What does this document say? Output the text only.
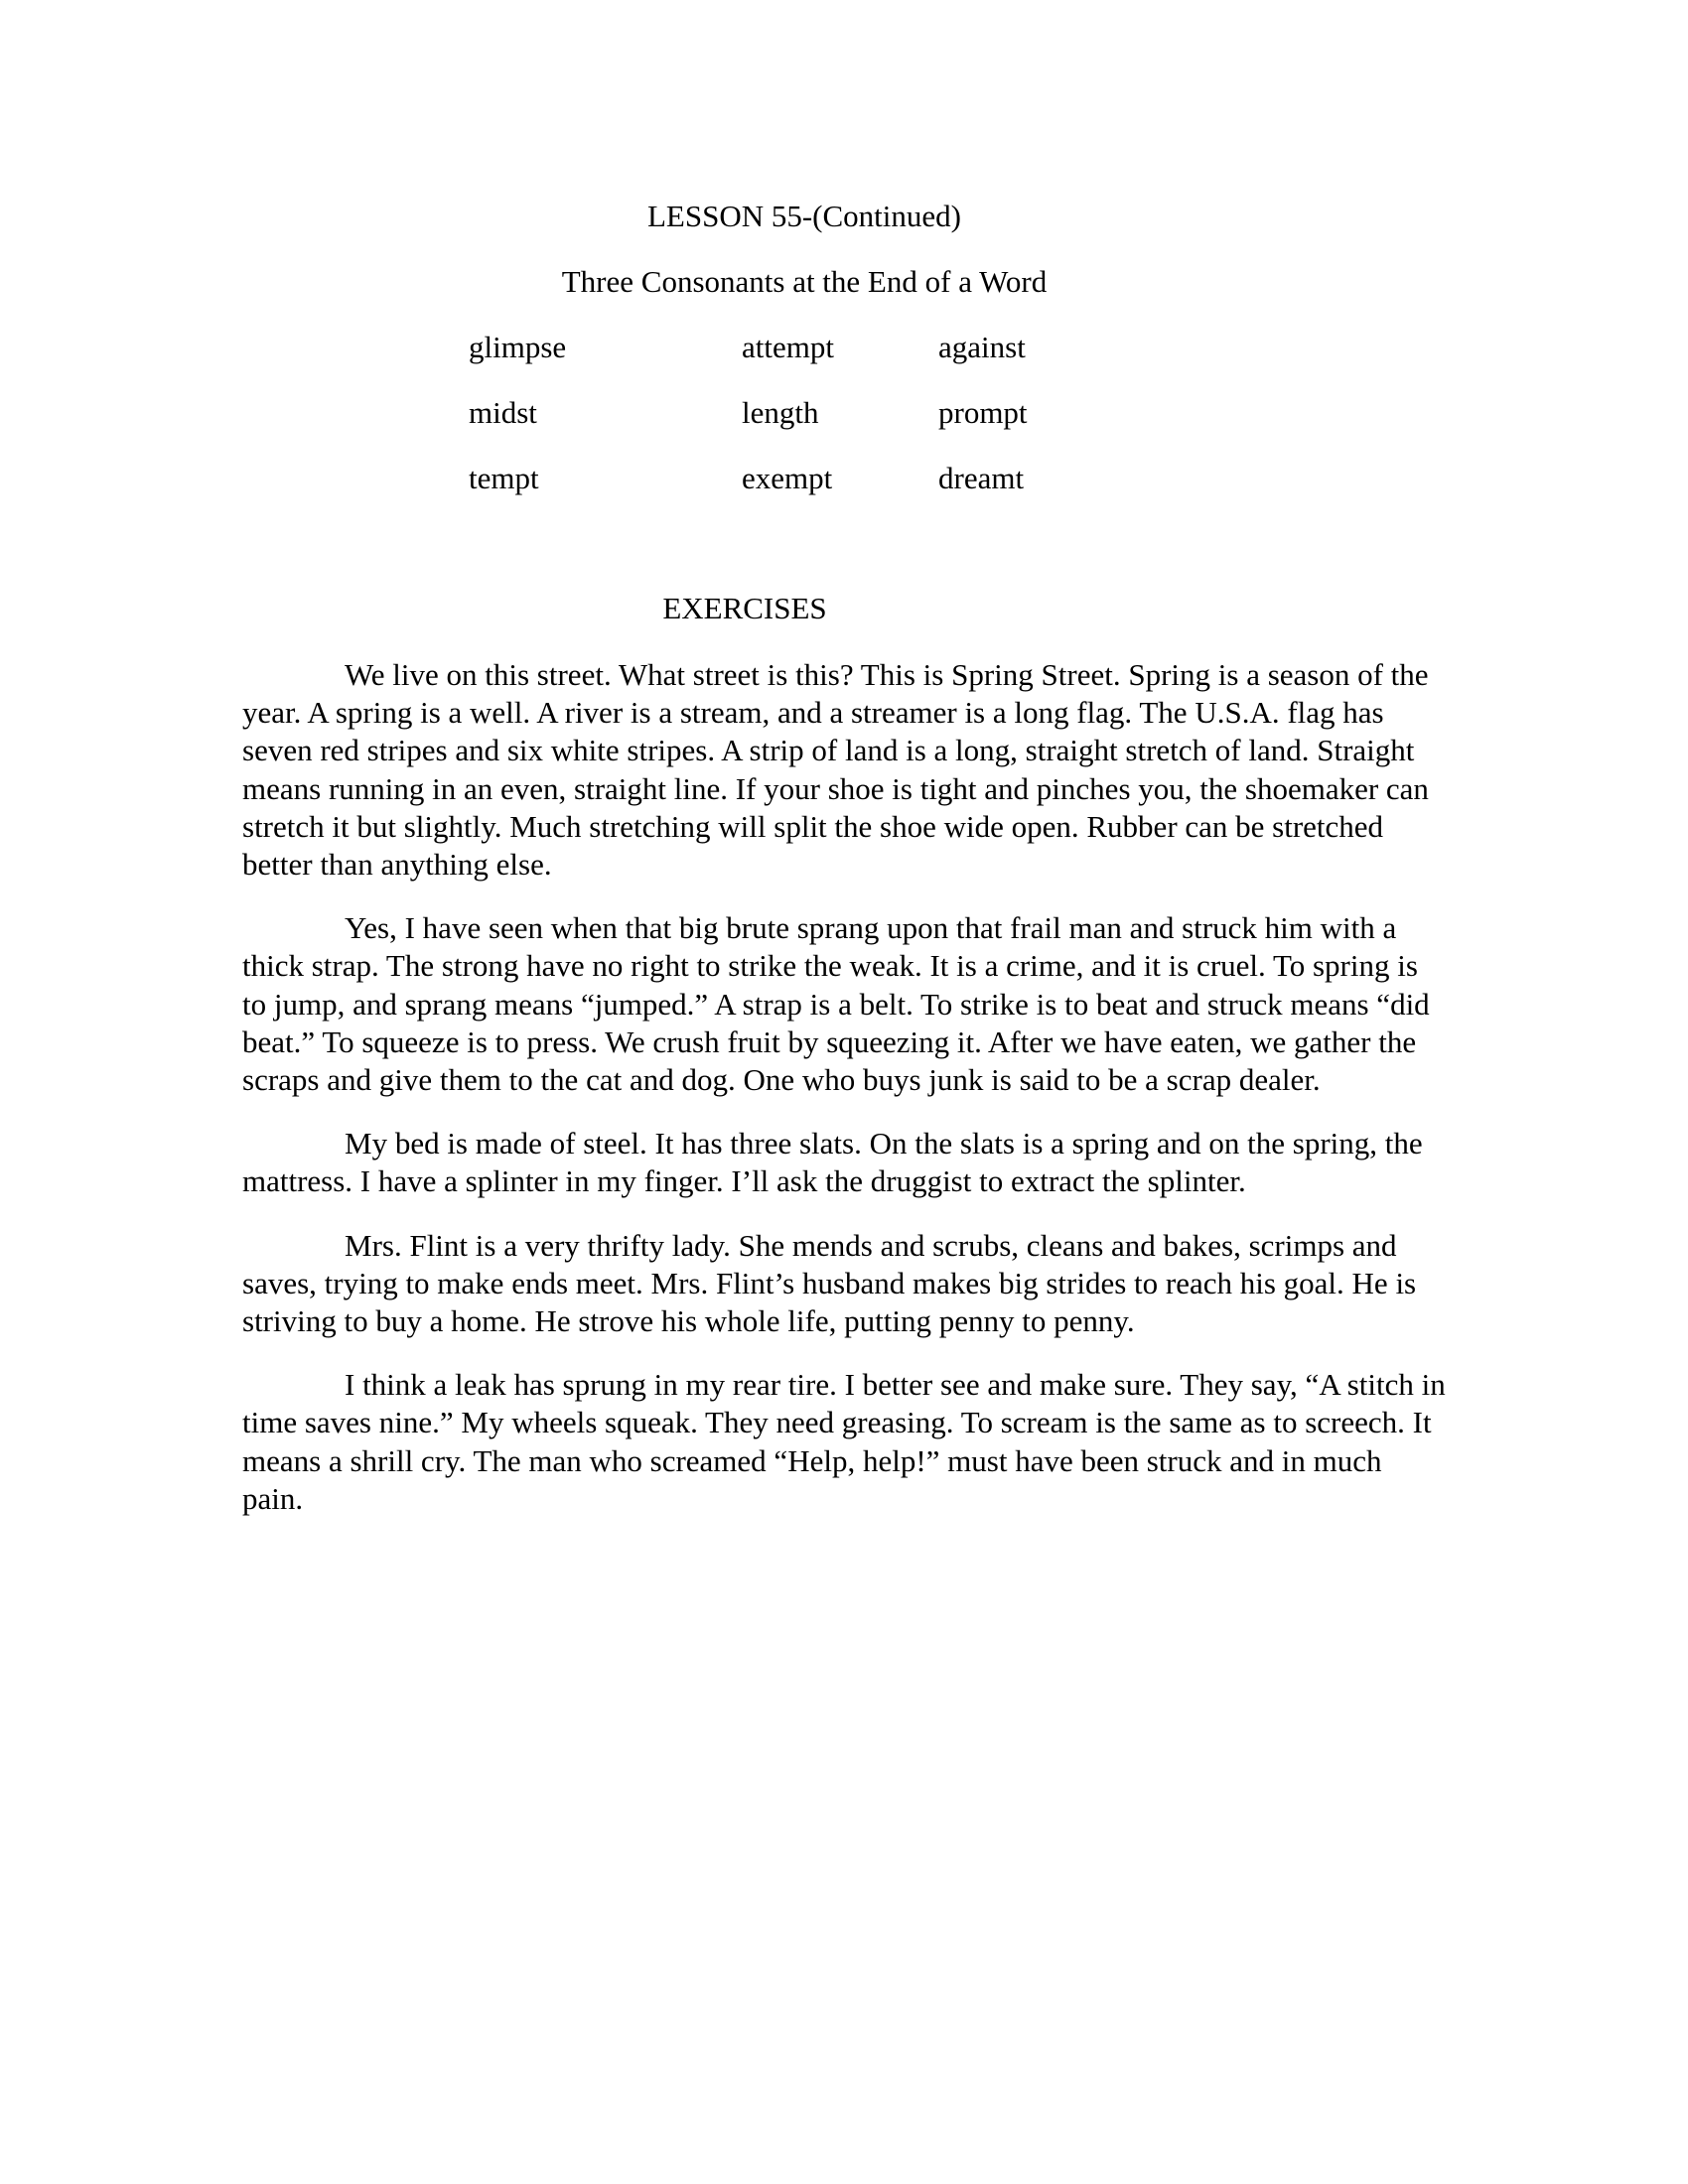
LESSON 55-(Continued)
Three Consonants at the End of a Word
glimpse	attempt	against
midst	length	prompt
tempt	exempt	dreamt
EXERCISES

We live on this street. What street is this? This is Spring Street. Spring is a season of the year. A spring is a well. A river is a stream, and a streamer is a long flag. The U.S.A. flag has seven red stripes and six white stripes. A strip of land is a long, straight stretch of land. Straight means running in an even, straight line. If your shoe is tight and pinches you, the shoemaker can stretch it but slightly. Much stretching will split the shoe wide open. Rubber can be stretched better than anything else.

Yes, I have seen when that big brute sprang upon that frail man and struck him with a thick strap. The strong have no right to strike the weak. It is a crime, and it is cruel. To spring is to jump, and sprang means “jumped.” A strap is a belt. To strike is to beat and struck means “did beat.” To squeeze is to press. We crush fruit by squeezing it. After we have eaten, we gather the scraps and give them to the cat and dog. One who buys junk is said to be a scrap dealer.

My bed is made of steel. It has three slats. On the slats is a spring and on the spring, the mattress. I have a splinter in my finger. I’ll ask the druggist to extract the splinter.

Mrs. Flint is a very thrifty lady. She mends and scrubs, cleans and bakes, scrimps and saves, trying to make ends meet. Mrs. Flint’s husband makes big strides to reach his goal. He is striving to buy a home. He strove his whole life, putting penny to penny.

I think a leak has sprung in my rear tire. I better see and make sure. They say, “A stitch in time saves nine.” My wheels squeak. They need greasing. To scream is the same as to screech. It means a shrill cry. The man who screamed “Help, help!” must have been struck and in much pain.
